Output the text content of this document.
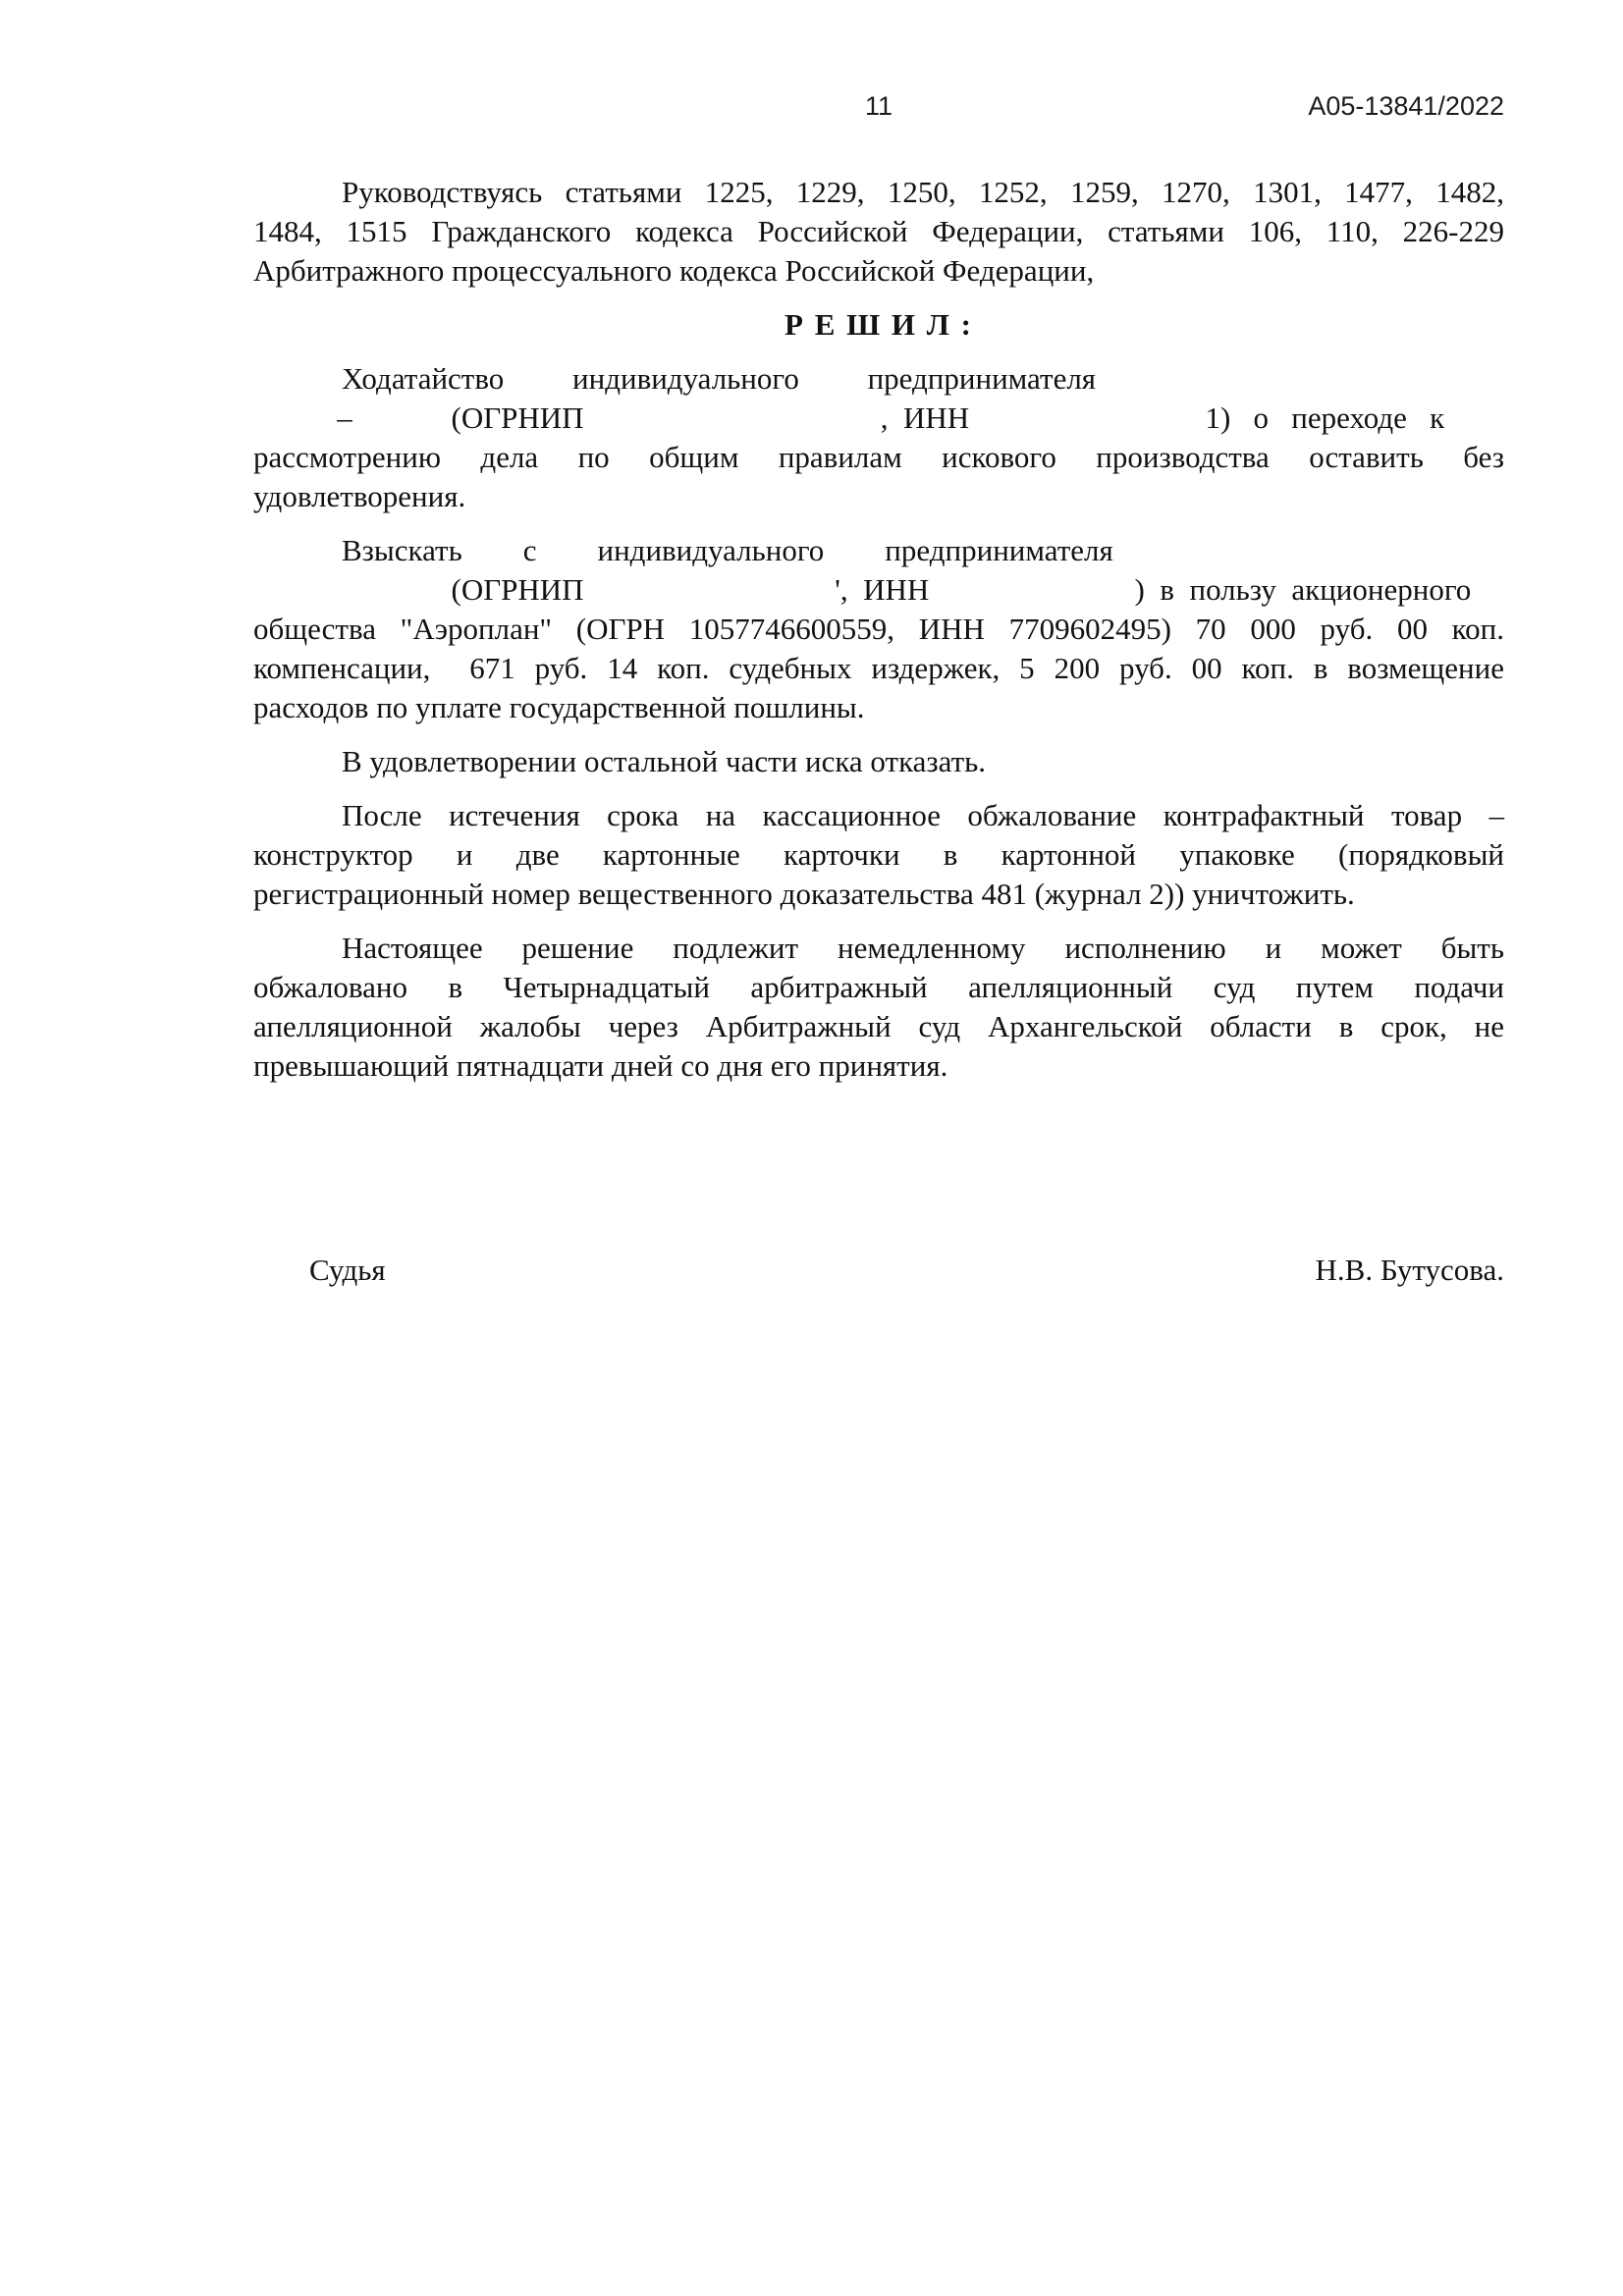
11	А05-13841/2022
Руководствуясь статьями 1225, 1229, 1250, 1252, 1259, 1270, 1301, 1477, 1482,
1484, 1515 Гражданского кодекса Российской Федерации, статьями 106, 110, 226-229
Арбитражного процессуального кодекса Российской Федерации,
Р Е Ш И Л :
Ходатайство         индивидуального         предпринимателя
–             (ОГРНИП                                       ,  ИНН                               1)   о   переходе   к
рассмотрению дела по общим правилам искового производства оставить без
удовлетворения.
Взыскать        с        индивидуального        предпринимателя
(ОГРНИП                                 ',  ИНН                           )  в  пользу  акционерного
общества "Аэроплан" (ОГРН 1057746600559, ИНН 7709602495) 70 000 руб. 00 коп.
компенсации,  671 руб. 14 коп. судебных издержек, 5 200 руб. 00 коп. в возмещение
расходов по уплате государственной пошлины.
В удовлетворении остальной части иска отказать.
После истечения срока на кассационное обжалование контрафактный товар –
конструктор и две картонные карточки в картонной упаковке (порядковый
регистрационный номер вещественного доказательства 481 (журнал 2)) уничтожить.
Настоящее решение подлежит немедленному исполнению и может быть
обжаловано в Четырнадцатый арбитражный апелляционный суд путем подачи
апелляционной жалобы через Арбитражный суд Архангельской области в срок, не
превышающий пятнадцати дней со дня его принятия.
Судья	Н.В. Бутусова.
